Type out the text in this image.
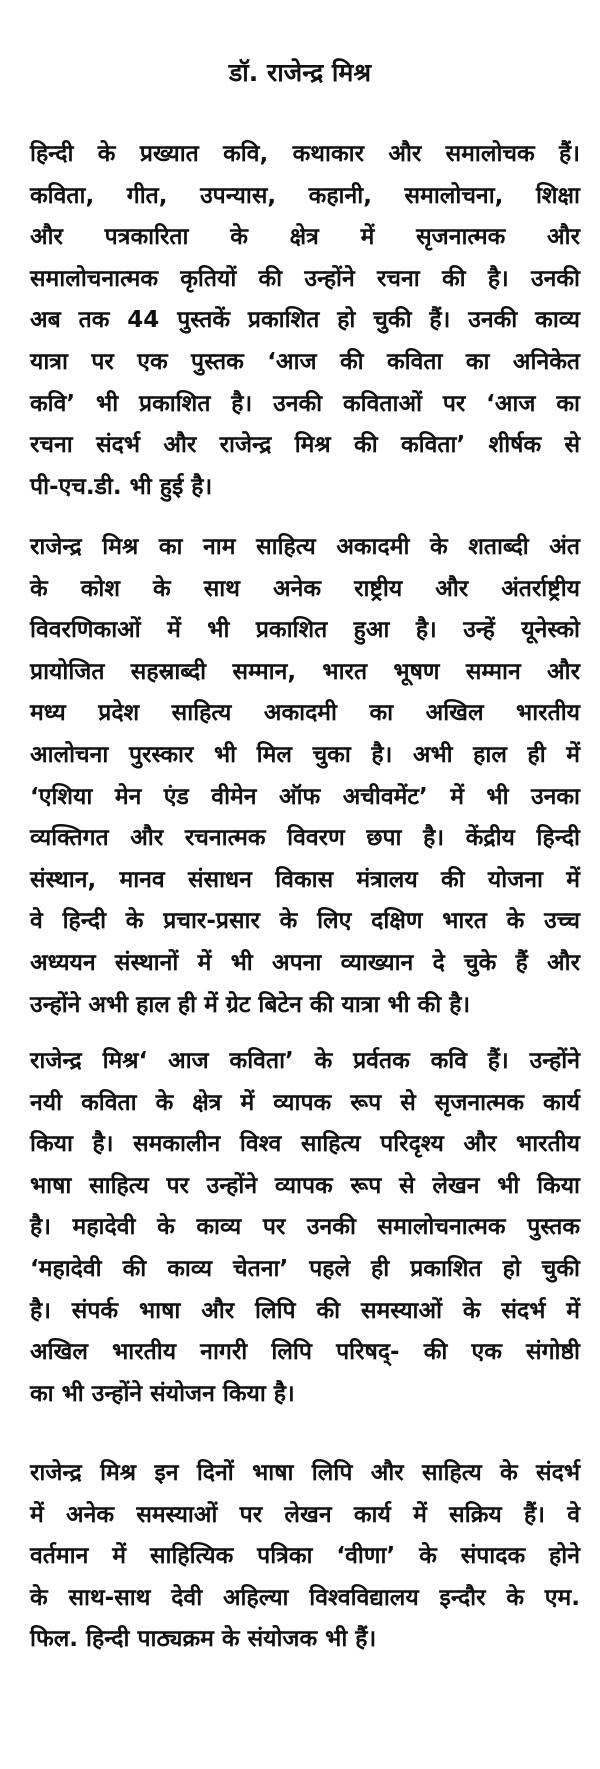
डॉ. राजेन्द्र मिश्र
हिन्दी के प्रख्यात कवि, कथाकार और समालोचक हैं।
कविता, गीत, उपन्यास, कहानी, समालोचना, शिक्षा
और पत्रकारिता के क्षेत्र में सृजनात्मक और
समालोचनात्मक कृतियों की उन्होंने रचना की है। उनकी
अब तक 44 पुस्तकें प्रकाशित हो चुकी हैं। उनकी काव्य
यात्रा पर एक पुस्तक ‘आज की कविता का अनिकेत
कवि’ भी प्रकाशित है। उनकी कविताओं पर ‘आज का
रचना संदर्भ और राजेन्द्र मिश्र की कविता’ शीर्षक से
पी-एच.डी. भी हुई है।
राजेन्द्र मिश्र का नाम साहित्य अकादमी के शताब्दी अंत
के कोश के साथ अनेक राष्ट्रीय और अंतर्राष्ट्रीय
विवरणिकाओं में भी प्रकाशित हुआ है। उन्हें यूनेस्को
प्रायोजित सहस्राब्दी सम्मान, भारत भूषण सम्मान और
मध्य प्रदेश साहित्य अकादमी का अखिल भारतीय
आलोचना पुरस्कार भी मिल चुका है। अभी हाल ही में
‘एशिया मेन एंड वीमेन ऑफ अचीवमेंट’ में भी उनका
व्यक्तिगत और रचनात्मक विवरण छपा है। केंद्रीय हिन्दी
संस्थान, मानव संसाधन विकास मंत्रालय की योजना में
वे हिन्दी के प्रचार-प्रसार के लिए दक्षिण भारत के उच्च
अध्ययन संस्थानों में भी अपना व्याख्यान दे चुके हैं और
उन्होंने अभी हाल ही में ग्रेट बिटेन की यात्रा भी की है।
राजेन्द्र मिश्र‘ आज कविता’ के प्रर्वतक कवि हैं। उन्होंने
नयी कविता के क्षेत्र में व्यापक रूप से सृजनात्मक कार्य
किया है। समकालीन विश्व साहित्य परिदृश्य और भारतीय
भाषा साहित्य पर उन्होंने व्यापक रूप से लेखन भी किया
है। महादेवी के काव्य पर उनकी समालोचनात्मक पुस्तक
‘महादेवी की काव्य चेतना’ पहले ही प्रकाशित हो चुकी
है। संपर्क भाषा और लिपि की समस्याओं के संदर्भ में
अखिल भारतीय नागरी लिपि परिषद्- की एक संगोष्ठी
का भी उन्होंने संयोजन किया है।
राजेन्द्र मिश्र इन दिनों भाषा लिपि और साहित्य के संदर्भ
में अनेक समस्याओं पर लेखन कार्य में सक्रिय हैं। वे
वर्तमान में साहित्यिक पत्रिका ‘वीणा’ के संपादक होने
के साथ-साथ देवी अहिल्या विश्वविद्यालय इन्दौर के एम.
फिल. हिन्दी पाठ्यक्रम के संयोजक भी हैं।
